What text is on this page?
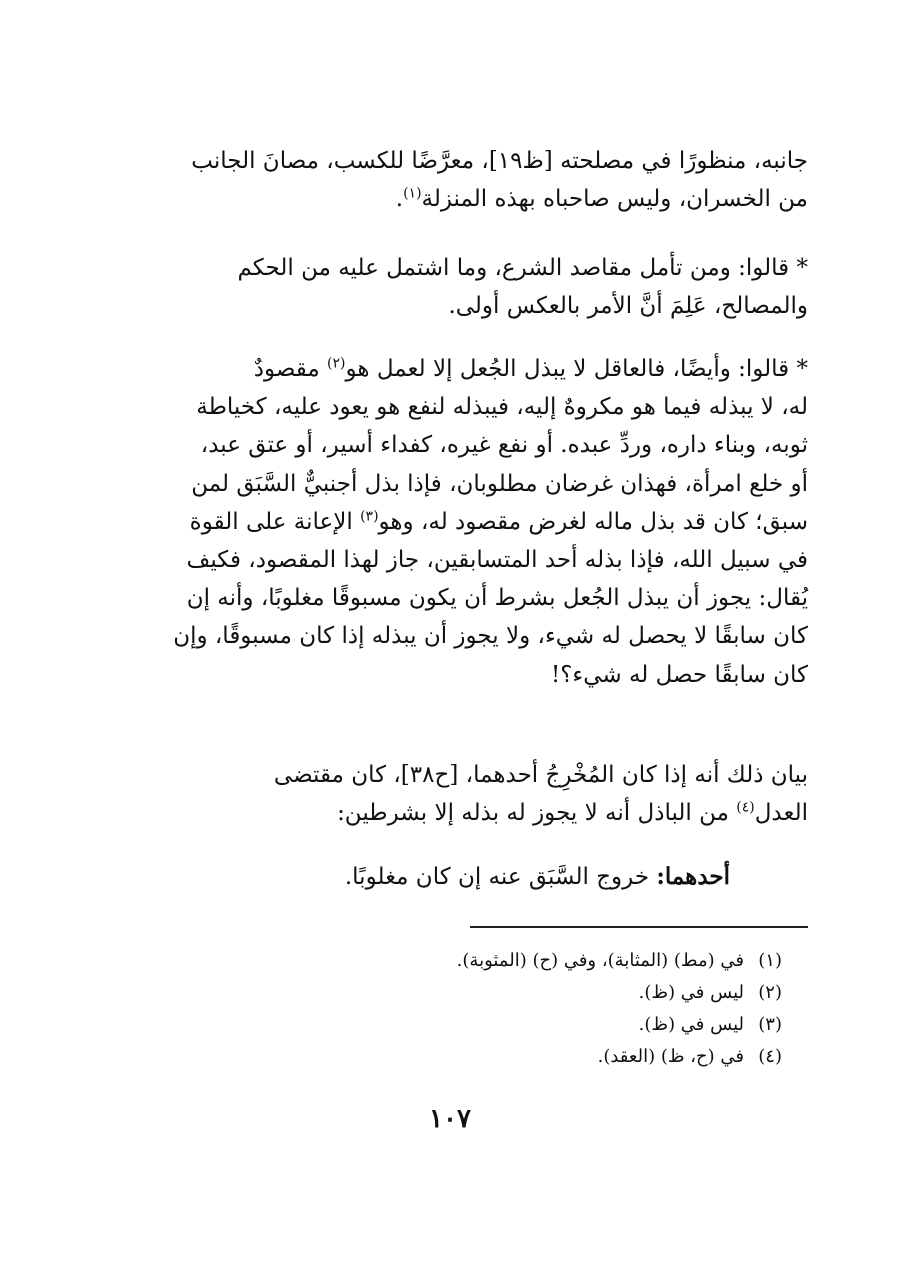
جانبه، منظورًا في مصلحته [ظ١٩]، معرَّضًا للكسب، مصانَ الجانب
من الخسران، وليس صاحباه بهذه المنزلة$^{(١)}$.
* قالوا: ومن تأمل مقاصد الشرع، وما اشتمل عليه من الحكم
والمصالح، عَلِمَ أنَّ الأمر بالعكس أولى.
* قالوا: وأيضًا، فالعاقل لا يبذل الجُعل إلا لعمل هو$^{(٢)}$ مقصودٌ
له، لا يبذله فيما هو مكروهٌ إليه، فيبذله لنفع هو يعود عليه، كخياطة
ثوبه، وبناء داره، وردِّ عبده. أو نفع غيره، كفداء أسير، أو عتق عبد،
أو خلع امرأة، فهذان غرضان مطلوبان، فإذا بذل أجنبيٌّ السَّبَق لمن
سبق؛ كان قد بذل ماله لغرض مقصود له، وهو$^{(٣)}$ الإعانة على القوة
في سبيل الله، فإذا بذله أحد المتسابقين، جاز لهذا المقصود، فكيف
يُقال: يجوز أن يبذل الجُعل بشرط أن يكون مسبوقًا مغلوبًا، وأنه إن
كان سابقًا لا يحصل له شيء، ولا يجوز أن يبذله إذا كان مسبوقًا، وإن
كان سابقًا حصل له شيء؟!
بيان ذلك أنه إذا كان المُخْرِجُ أحدهما، [ح٣٨]، كان مقتضى
العدل$^{(٤)}$ من الباذل أنه لا يجوز له بذله إلا بشرطين:
أحدهما: خروج السَّبَق عنه إن كان مغلوبًا.
(١)في (مط) (المثابة)، وفي (ح) (المثوبة).
(٢)ليس في (ظ).
(٣)ليس في (ظ).
(٤)في (ح، ظ) (العقد).
١٠٧
